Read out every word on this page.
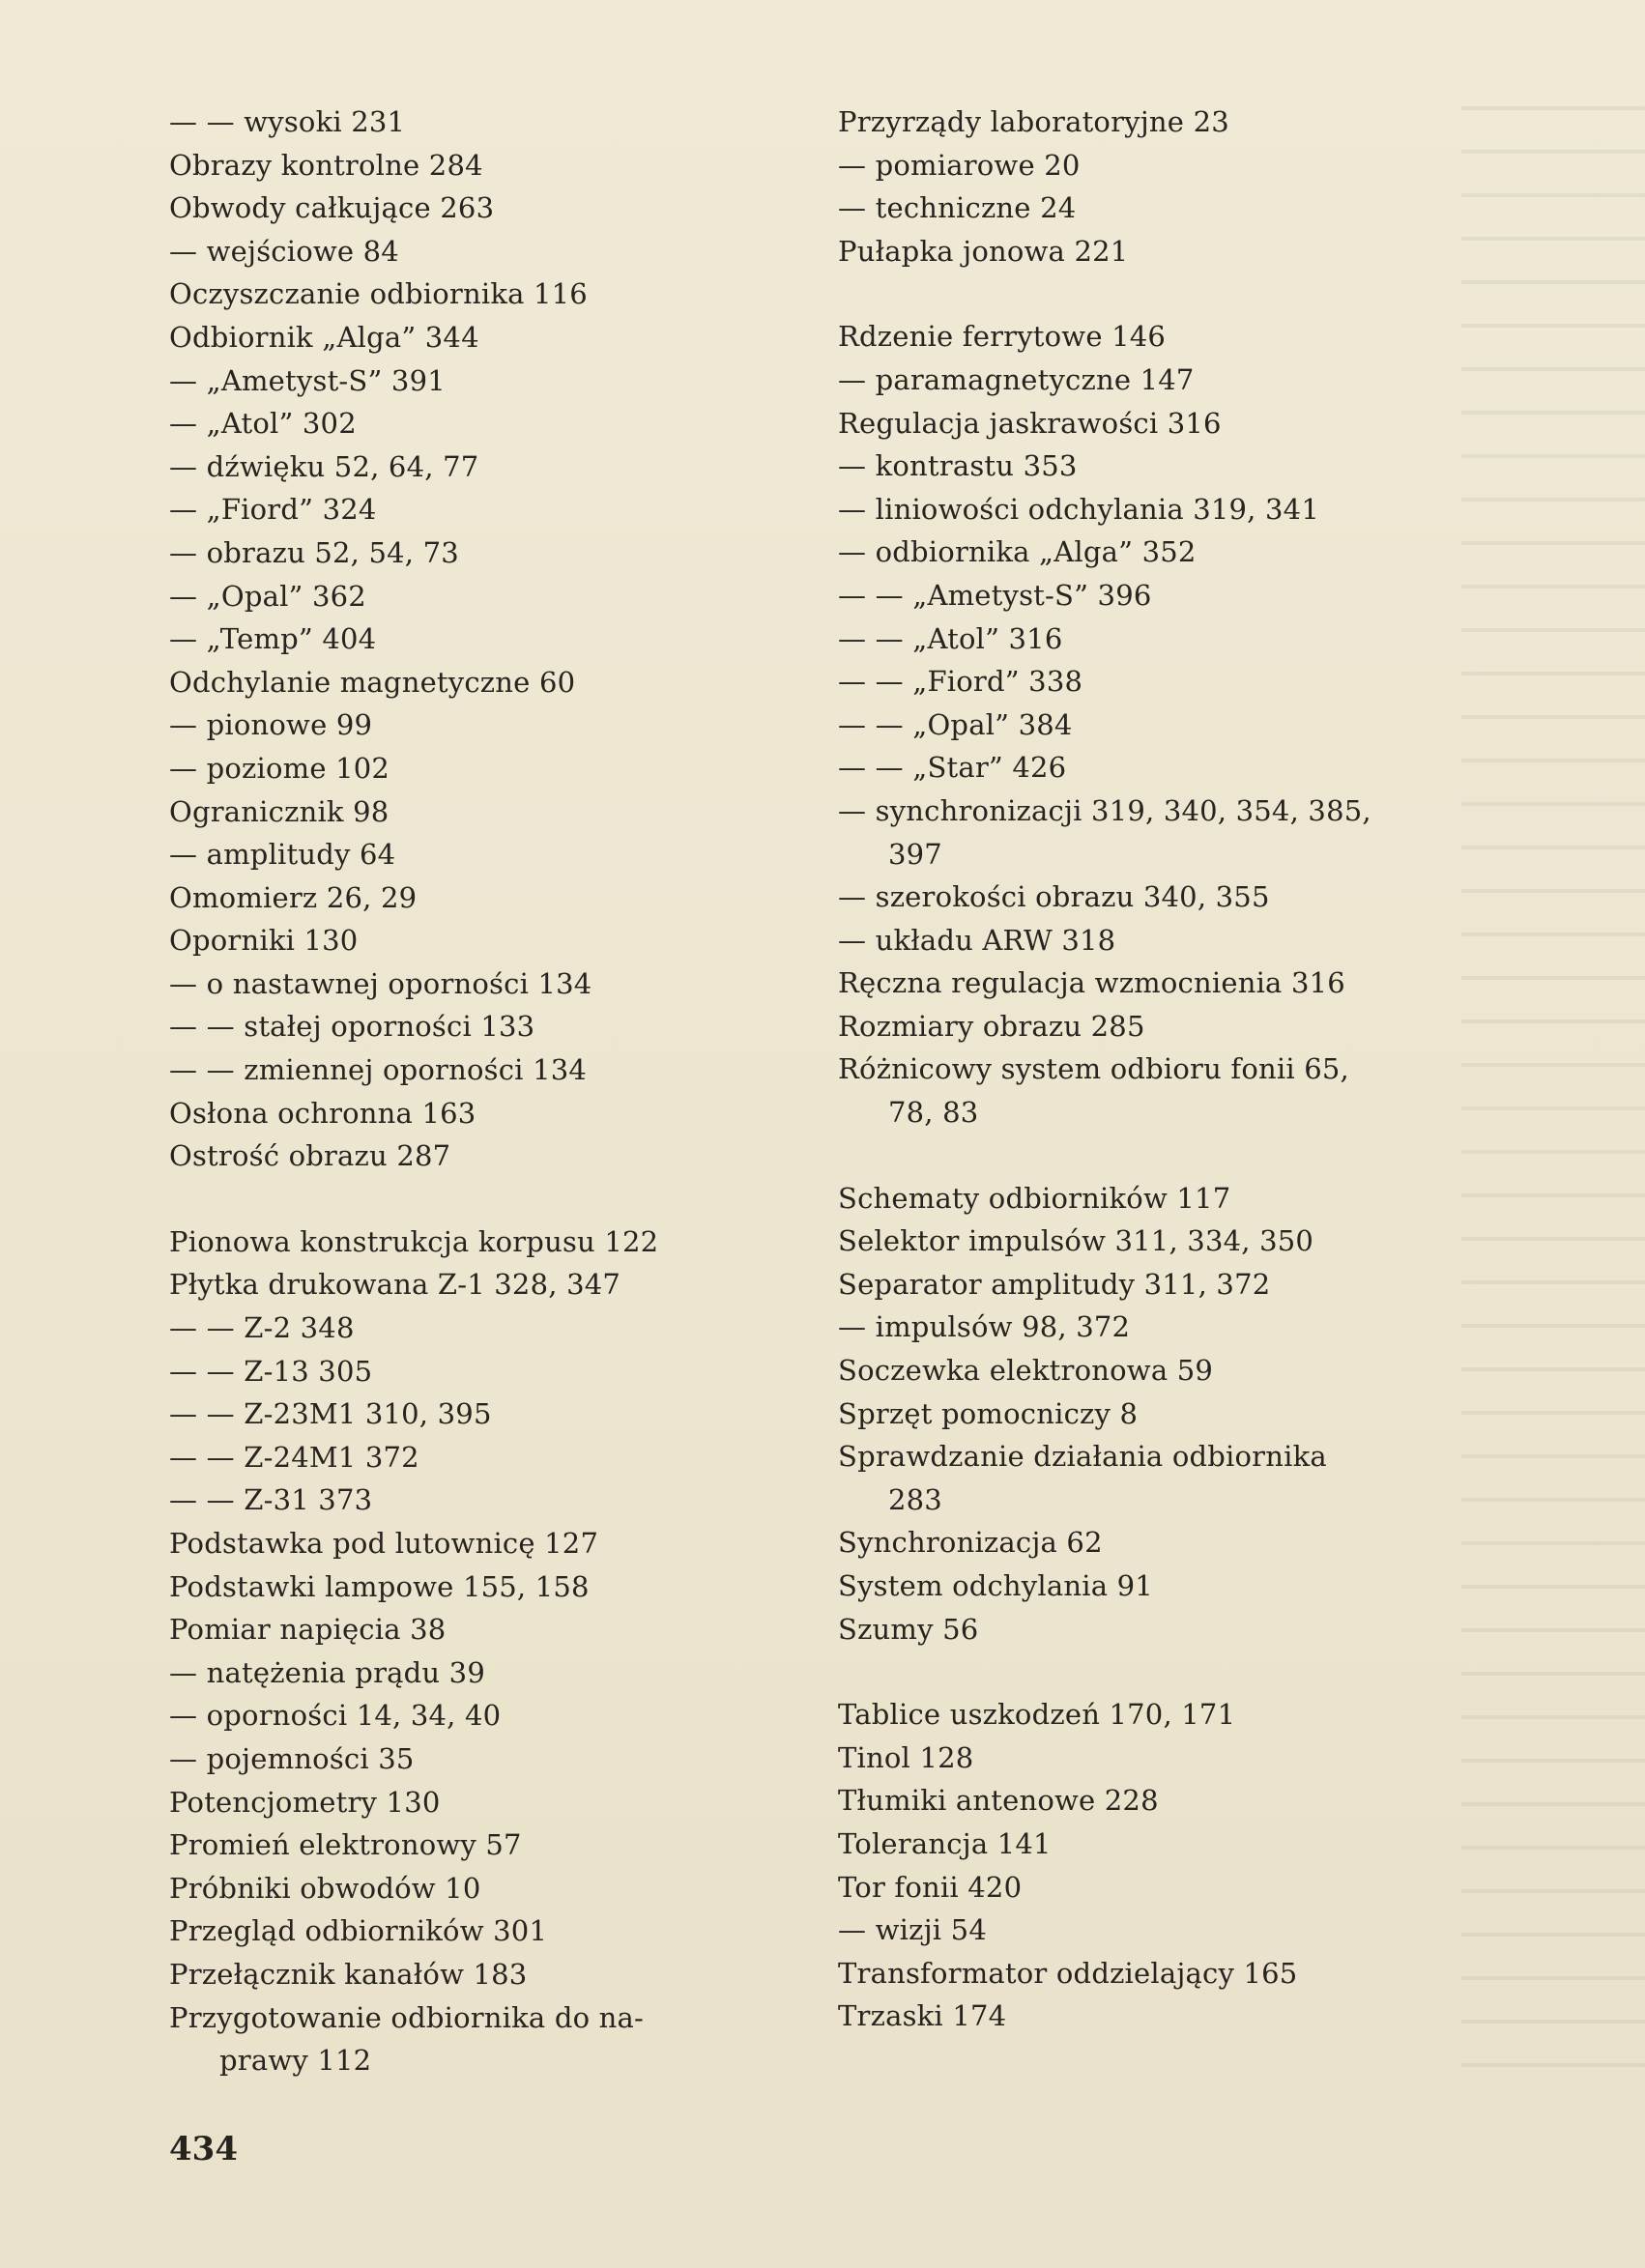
— — wysoki 231
Obrazy kontrolne 284
Obwody całkujące 263
— wejściowe 84
Oczyszczanie odbiornika 116
Odbiornik „Alga” 344
— „Ametyst-S” 391
— „Atol” 302
— dźwięku 52, 64, 77
— „Fiord” 324
— obrazu 52, 54, 73
— „Opal” 362
— „Temp” 404
Odchylanie magnetyczne 60
— pionowe 99
— poziome 102
Ogranicznik 98
— amplitudy 64
Omomierz 26, 29
Oporniki 130
— o nastawnej oporności 134
— — stałej oporności 133
— — zmiennej oporności 134
Osłona ochronna 163
Ostrość obrazu 287
Pionowa konstrukcja korpusu 122
Płytka drukowana Z-1 328, 347
— — Z-2 348
— — Z-13 305
— — Z-23M1 310, 395
— — Z-24M1 372
— — Z-31 373
Podstawka pod lutownicę 127
Podstawki lampowe 155, 158
Pomiar napięcia 38
— natężenia prądu 39
— oporności 14, 34, 40
— pojemności 35
Potencjometry 130
Promień elektronowy 57
Próbniki obwodów 10
Przegląd odbiorników 301
Przełącznik kanałów 183
Przygotowanie odbiornika do na-
prawy 112
Przyrządy laboratoryjne 23
— pomiarowe 20
— techniczne 24
Pułapka jonowa 221
Rdzenie ferrytowe 146
— paramagnetyczne 147
Regulacja jaskrawości 316
— kontrastu 353
— liniowości odchylania 319, 341
— odbiornika „Alga” 352
— — „Ametyst-S” 396
— — „Atol” 316
— — „Fiord” 338
— — „Opal” 384
— — „Star” 426
— synchronizacji 319, 340, 354, 385,
397
— szerokości obrazu 340, 355
— układu ARW 318
Ręczna regulacja wzmocnienia 316
Rozmiary obrazu 285
Różnicowy system odbioru fonii 65,
78, 83
Schematy odbiorników 117
Selektor impulsów 311, 334, 350
Separator amplitudy 311, 372
— impulsów 98, 372
Soczewka elektronowa 59
Sprzęt pomocniczy 8
Sprawdzanie działania odbiornika
283
Synchronizacja 62
System odchylania 91
Szumy 56
Tablice uszkodzeń 170, 171
Tinol 128
Tłumiki antenowe 228
Tolerancja 141
Tor fonii 420
— wizji 54
Transformator oddzielający 165
Trzaski 174
434
